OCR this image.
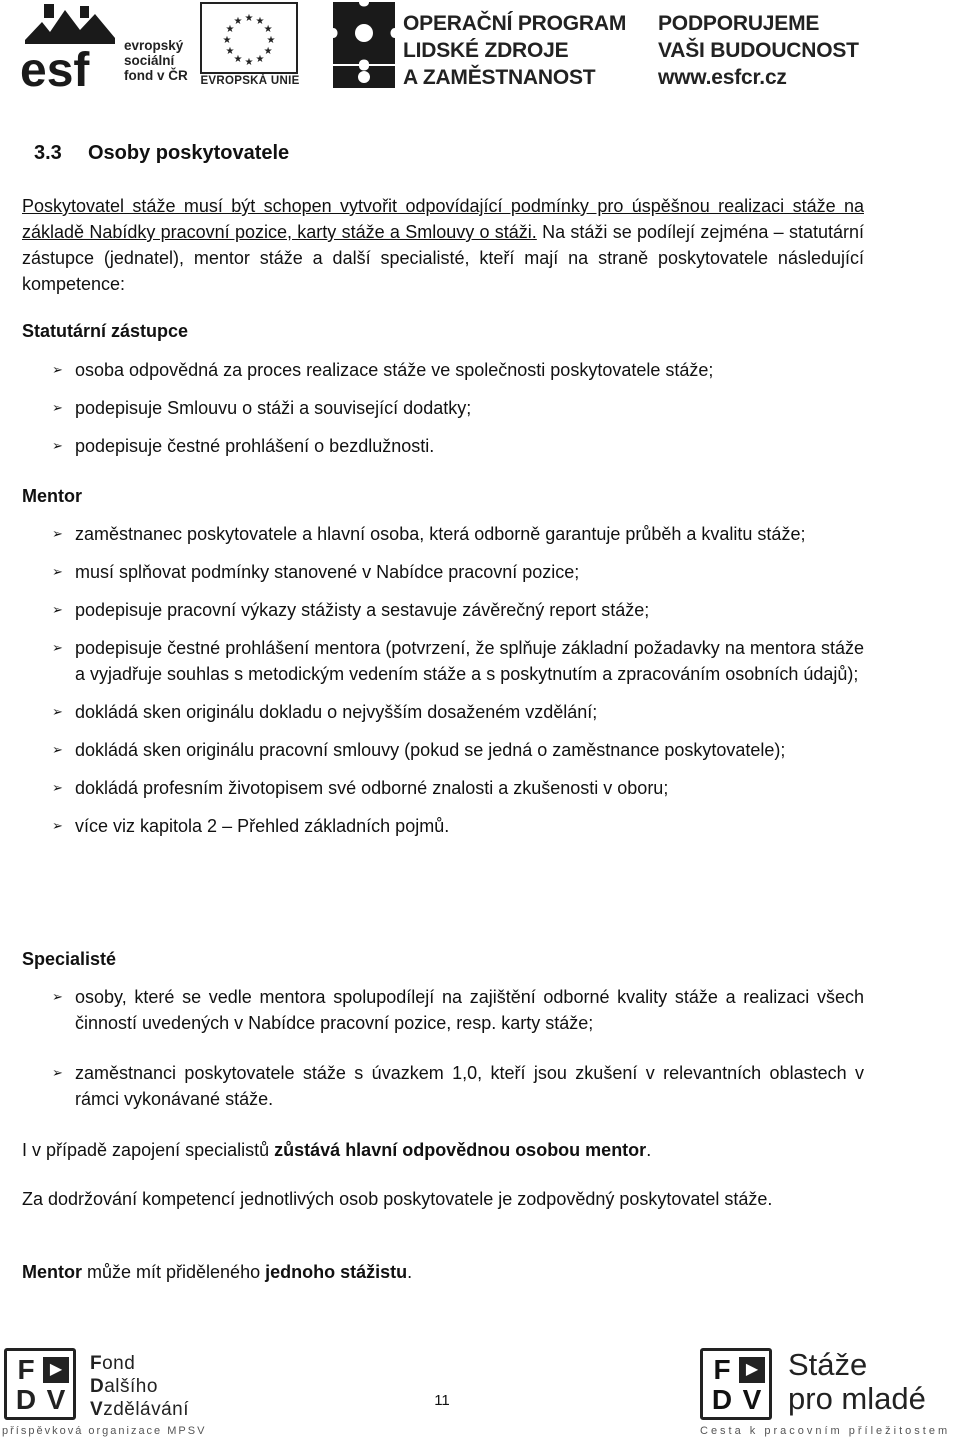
esf	evropský
sociální
fond v ČR
★ ★
★
★
★
★
★
★
★
★
★
★
EVROPSKÁ UNIE
OPERAČNÍ PROGRAM
LIDSKÉ ZDROJE
A ZAMĚSTNANOST
PODPORUJEME
VAŠI BUDOUCNOST
www.esfcr.cz
3.3 Osoby poskytovatele
Poskytovatel stáže musí být schopen vytvořit odpovídající podmínky pro úspěšnou realizaci stáže na základě Nabídky pracovní pozice, karty stáže a Smlouvy o stáži. Na stáži se podílejí zejména – statutární zástupce (jednatel), mentor stáže a další specialisté, kteří mají na straně poskytovatele následující kompetence:
Statutární zástupce
➢ osoba odpovědná za proces realizace stáže ve společnosti poskytovatele stáže;
➢ podepisuje Smlouvu o stáži a související dodatky;
➢ podepisuje čestné prohlášení o bezdlužnosti.
Mentor
➢ zaměstnanec poskytovatele a hlavní osoba, která odborně garantuje průběh a kvalitu stáže;
➢ musí splňovat podmínky stanovené v Nabídce pracovní pozice;
➢ podepisuje pracovní výkazy stážisty a sestavuje závěrečný report stáže;
➢ podepisuje čestné prohlášení mentora (potvrzení, že splňuje základní požadavky na mentora stáže a vyjadřuje souhlas s metodickým vedením stáže a s poskytnutím a zpracováním osobních údajů);
➢ dokládá sken originálu dokladu o nejvyšším dosaženém vzdělání;
➢ dokládá sken originálu pracovní smlouvy (pokud se jedná o zaměstnance poskytovatele);
➢ dokládá profesním životopisem své odborné znalosti a zkušenosti v oboru;
➢ více viz kapitola 2 – Přehled základních pojmů.
Specialisté
➢ osoby, které se vedle mentora spolupodílejí na zajištění odborné kvality stáže a realizaci všech činností uvedených v Nabídce pracovní pozice, resp. karty stáže;
➢ zaměstnanci poskytovatele stáže s úvazkem 1,0, kteří jsou zkušení v relevantních oblastech v rámci vykonávané stáže.
I v případě zapojení specialistů zůstává hlavní odpovědnou osobou mentor.
Za dodržování kompetencí jednotlivých osob poskytovatele je zodpovědný poskytovatel stáže.
Mentor může mít přiděleného jednoho stážistu.
F ▶
D V
Fond
Dalšího
Vzdělávání
příspěvková organizace MPSV
11
F ▶
D V
Stáže
pro mladé
Cesta k pracovním příležitostem
